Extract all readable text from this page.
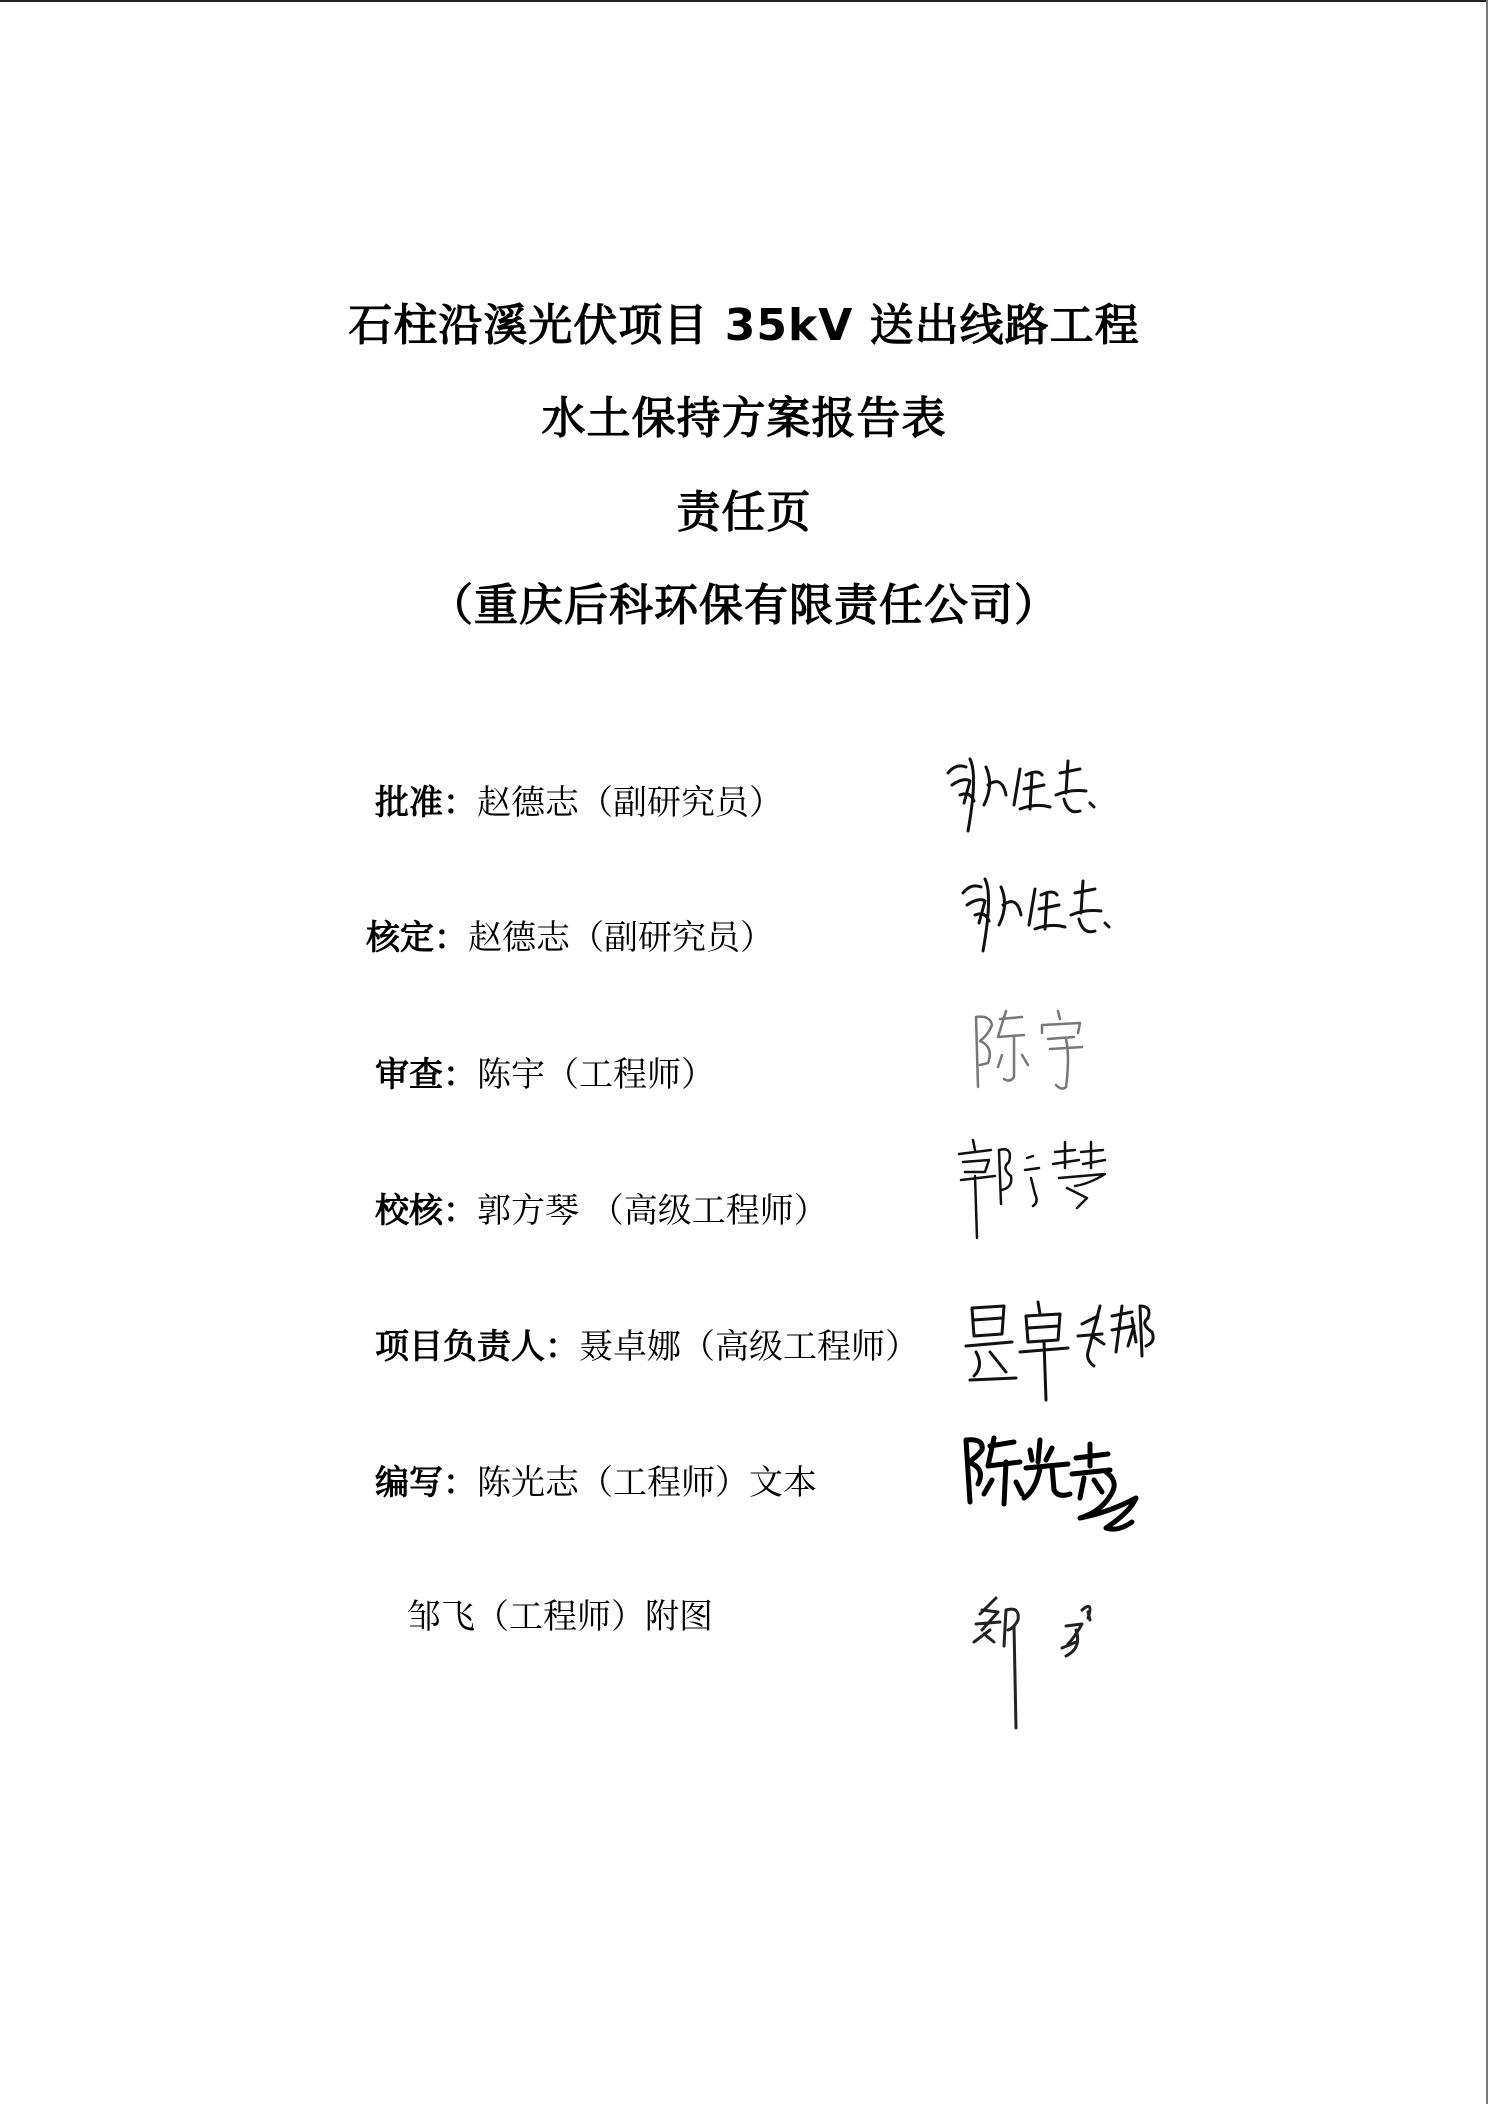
石柱沿溪光伏项目 35kV 送出线路工程
水土保持方案报告表
责任页
（重庆后科环保有限责任公司）
批准：赵德志（副研究员）
核定：赵德志（副研究员）
审查：陈宇（工程师）
校核：郭方琴 （高级工程师）
项目负责人：聂卓娜（高级工程师）
编写：陈光志（工程师）文本
邹飞（工程师）附图
